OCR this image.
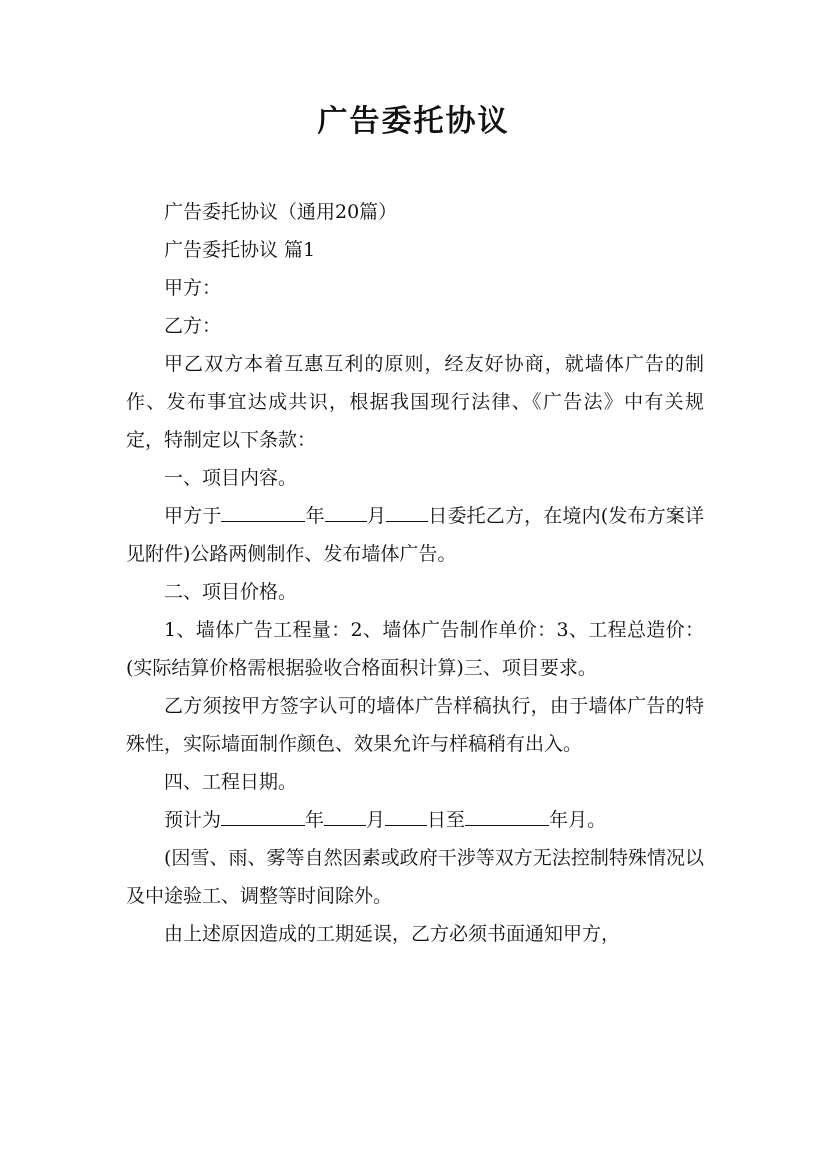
广告委托协议

广告委托协议（通用20篇）

广告委托协议 篇1

甲方：

乙方：

甲乙双方本着互惠互利的原则，经友好协商，就墙体广告的制作、发布事宜达成共识，根据我国现行法律、《广告法》中有关规定，特制定以下条款：

一、项目内容。

甲方于	年 月 日委托乙方，在境内(发布方案详见附件)公路两侧制作、发布墙体广告。

二、项目价格。

1、墙体广告工程量：2、墙体广告制作单价：3、工程总造价：(实际结算价格需根据验收合格面积计算)三、项目要求。

乙方须按甲方签字认可的墙体广告样稿执行，由于墙体广告的特殊性，实际墙面制作颜色、效果允许与样稿稍有出入。

四、工程日期。

预计为	年 月 日至	年月。

(因雪、雨、雾等自然因素或政府干涉等双方无法控制特殊情况以及中途验工、调整等时间除外。

由上述原因造成的工期延误，乙方必须书面通知甲方，
